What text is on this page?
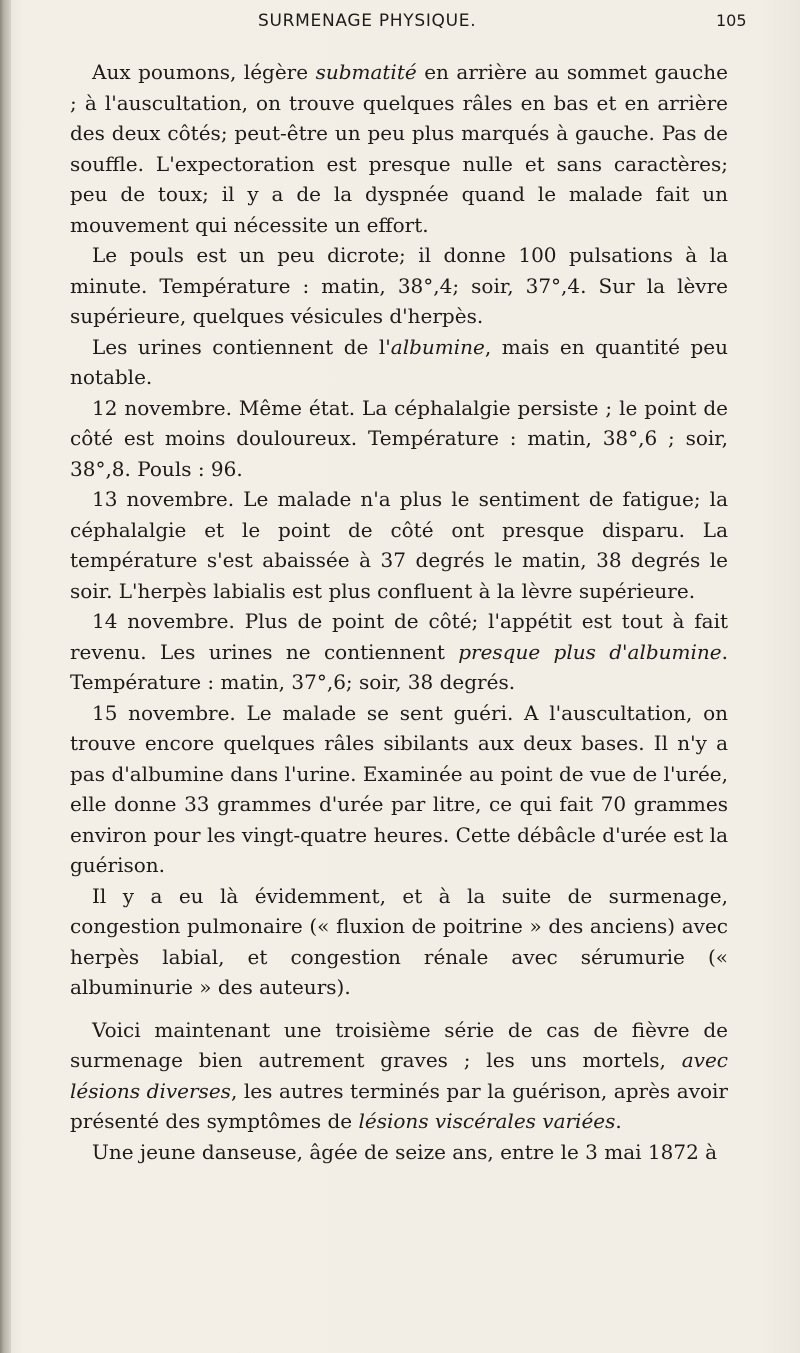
SURMENAGE PHYSIQUE.	105

Aux poumons, légère submatité en arrière au sommet gauche ; à l'auscultation, on trouve quelques râles en bas et en arrière des deux côtés; peut-être un peu plus marqués à gauche. Pas de souffle. L'expectoration est presque nulle et sans caractères; peu de toux; il y a de la dyspnée quand le malade fait un mouvement qui nécessite un effort.

Le pouls est un peu dicrote; il donne 100 pulsations à la minute. Température : matin, 38°,4; soir, 37°,4. Sur la lèvre supérieure, quelques vésicules d'herpès.

Les urines contiennent de l'albumine, mais en quantité peu notable.

12 novembre. Même état. La céphalalgie persiste ; le point de côté est moins douloureux. Température : matin, 38°,6 ; soir, 38°,8. Pouls : 96.

13 novembre. Le malade n'a plus le sentiment de fatigue; la céphalalgie et le point de côté ont presque disparu. La température s'est abaissée à 37 degrés le matin, 38 degrés le soir. L'herpès labialis est plus confluent à la lèvre supérieure.

14 novembre. Plus de point de côté; l'appétit est tout à fait revenu. Les urines ne contiennent presque plus d'albumine. Température : matin, 37°,6; soir, 38 degrés.

15 novembre. Le malade se sent guéri. A l'auscultation, on trouve encore quelques râles sibilants aux deux bases. Il n'y a pas d'albumine dans l'urine. Examinée au point de vue de l'urée, elle donne 33 grammes d'urée par litre, ce qui fait 70 grammes environ pour les vingt-quatre heures. Cette débâcle d'urée est la guérison.

Il y a eu là évidemment, et à la suite de surmenage, congestion pulmonaire (« fluxion de poitrine » des anciens) avec herpès labial, et congestion rénale avec sérumurie (« albuminurie » des auteurs).

Voici maintenant une troisième série de cas de fièvre de surmenage bien autrement graves ; les uns mortels, avec lésions diverses, les autres terminés par la guérison, après avoir présenté des symptômes de lésions viscérales variées.

Une jeune danseuse, âgée de seize ans, entre le 3 mai 1872 à
